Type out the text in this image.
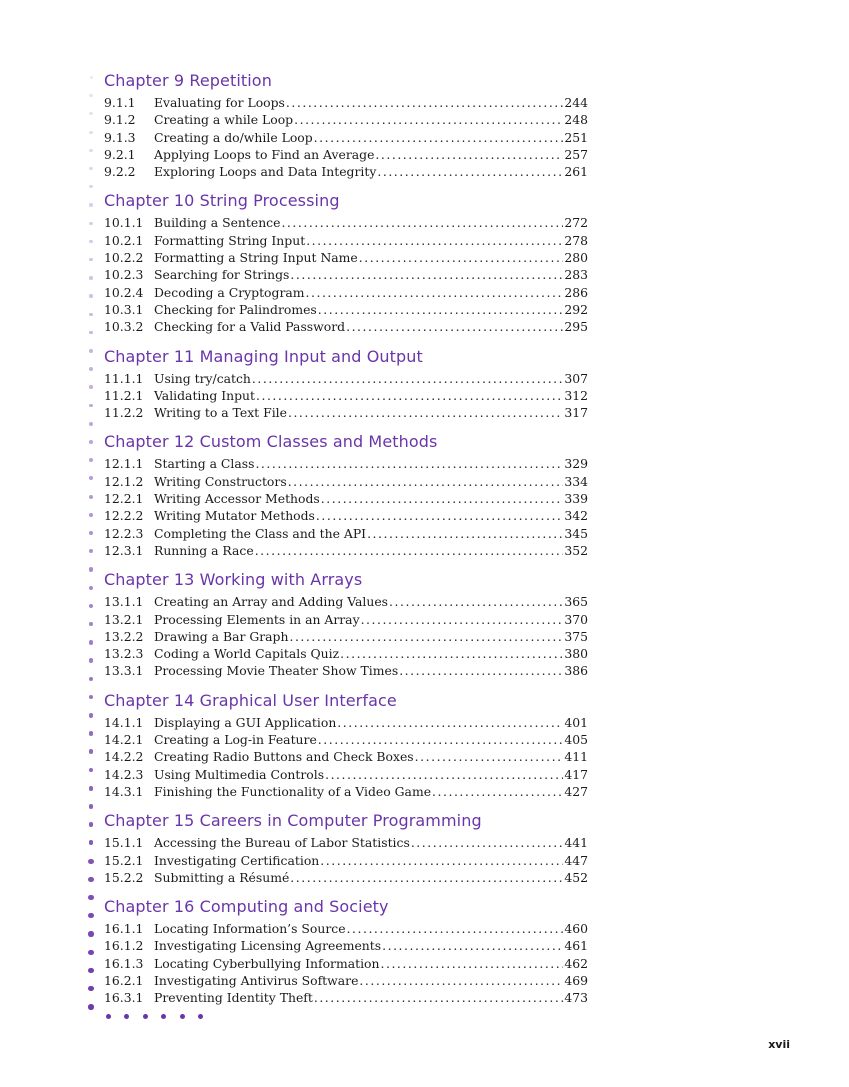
Chapter 9 Repetition
9.1.1	Evaluating for Loops . . .	244
9.1.2	Creating a while Loop . . .	248
9.1.3	Creating a do/while Loop . . .	251
9.2.1	Applying Loops to Find an Average . . .	257
9.2.2	Exploring Loops and Data Integrity . . .	261
Chapter 10 String Processing
10.1.1 Building a Sentence . . .	272
10.2.1 Formatting String Input . . .	278
10.2.2 Formatting a String Input Name . . .	280
10.2.3 Searching for Strings . . .	283
10.2.4 Decoding a Cryptogram . . .	286
10.3.1 Checking for Palindromes . . .	292
10.3.2 Checking for a Valid Password . . .	295
Chapter 11 Managing Input and Output
11.1.1 Using try/catch . . .	307
11.2.1 Validating Input . . .	312
11.2.2 Writing to a Text File . . .	317
Chapter 12 Custom Classes and Methods
12.1.1 Starting a Class . . .	329
12.1.2 Writing Constructors . . .	334
12.2.1 Writing Accessor Methods . . .	339
12.2.2 Writing Mutator Methods . . .	342
12.2.3 Completing the Class and the API . . .	345
12.3.1 Running a Race . . .	352
Chapter 13 Working with Arrays
13.1.1 Creating an Array and Adding Values . . .	365
13.2.1 Processing Elements in an Array . . .	370
13.2.2 Drawing a Bar Graph . . .	375
13.2.3 Coding a World Capitals Quiz . . .	380
13.3.1 Processing Movie Theater Show Times . . .	386
Chapter 14 Graphical User Interface
14.1.1 Displaying a GUI Application . . .	401
14.2.1 Creating a Log-in Feature . . .	405
14.2.2 Creating Radio Buttons and Check Boxes . . .	411
14.2.3 Using Multimedia Controls . . .	417
14.3.1 Finishing the Functionality of a Video Game . . .	427
Chapter 15 Careers in Computer Programming
15.1.1 Accessing the Bureau of Labor Statistics . . .	441
15.2.1 Investigating Certification . . .	447
15.2.2 Submitting a Résumé . . .	452
Chapter 16 Computing and Society
16.1.1 Locating Information’s Source . . .	460
16.1.2 Investigating Licensing Agreements . . .	461
16.1.3 Locating Cyberbullying Information . . .	462
16.2.1 Investigating Antivirus Software . . .	469
16.3.1 Preventing Identity Theft . . .	473
xvii
